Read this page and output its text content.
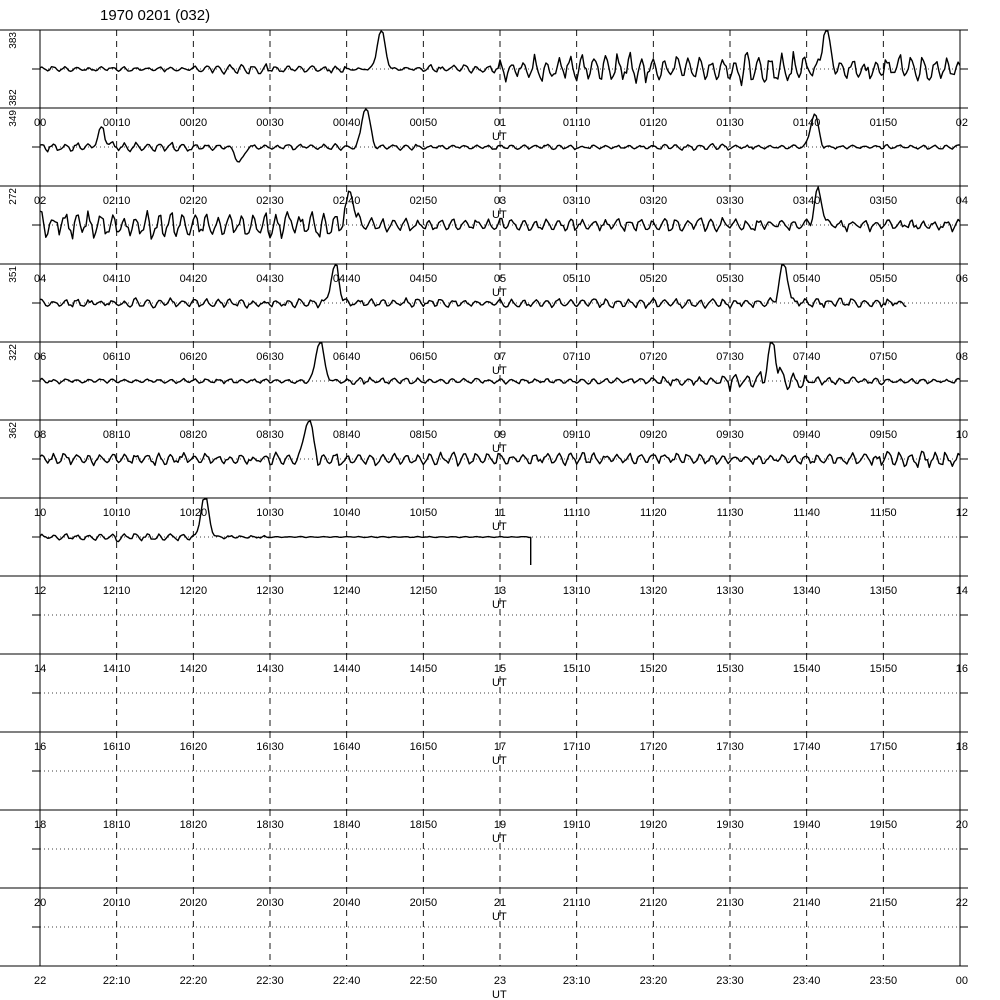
1970 0201 (032)
383
382
00	00:10	00:20	00:30	00:40	00:50	01	01:10	01:20	01:30	01:40	01:50	02
UT
349
02	02:10	02:20	02:30	02:40	02:50	03	03:10	03:20	03:30	03:40	03:50	04
UT
272
04	04:10	04:20	04:30	04:40	04:50	05	05:10	05:20	05:30	05:40	05:50	06
UT
351
06	06:10	06:20	06:30	06:40	06:50	07	07:10	07:20	07:30	07:40	07:50	08
UT
322
08	08:10	08:20	08:30	08:40	08:50	09	09:10	09:20	09:30	09:40	09:50	10
UT
362
10	10:10	10:20	10:30	10:40	10:50	11	11:10	11:20	11:30	11:40	11:50	12
UT
12	12:10	12:20	12:30	12:40	12:50	13	13:10	13:20	13:30	13:40	13:50	14
UT
14	14:10	14:20	14:30	14:40	14:50	15	15:10	15:20	15:30	15:40	15:50	16
UT
16	16:10	16:20	16:30	16:40	16:50	17	17:10	17:20	17:30	17:40	17:50	18
UT
18	18:10	18:20	18:30	18:40	18:50	19	19:10	19:20	19:30	19:40	19:50	20
UT
20	20:10	20:20	20:30	20:40	20:50	21	21:10	21:20	21:30	21:40	21:50	22
UT
22	22:10	22:20	22:30	22:40	22:50	23	23:10	23:20	23:30	23:40	23:50	00
UT
